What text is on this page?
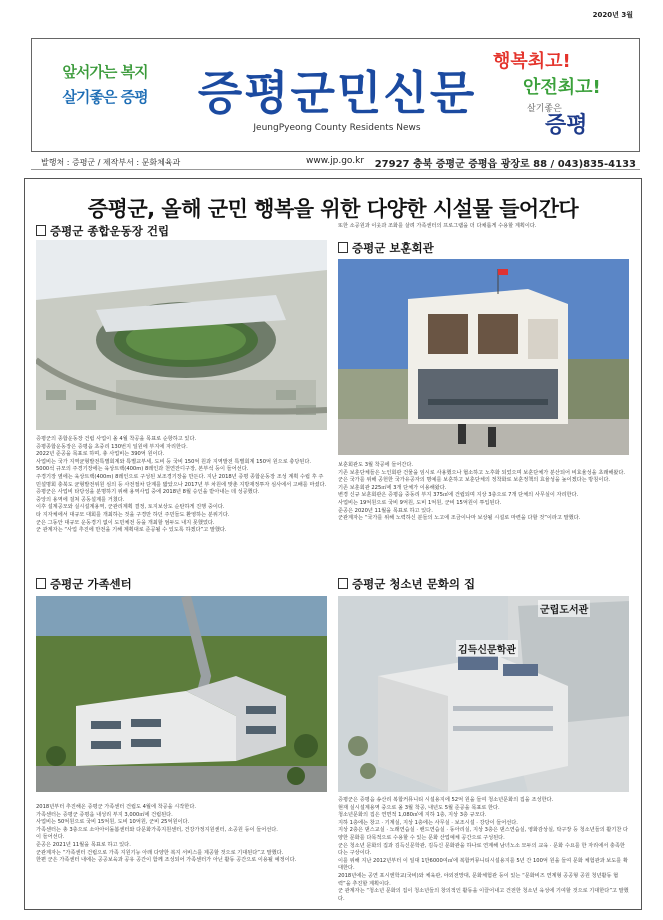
2020년 3월
앞서가는 복지
살기좋은 증평	증평군민신문
JeungPyeong County Residents News
행복최고!
안전최고!
살기좋은
증평
발행처 : 증평군 / 제작부서 : 문화체육과	www.jp.go.kr 27927 충북 증평군 증평읍 광장로 88 / 043)835-4133
증평군, 올해 군민 행복을 위한 다양한 시설물 들어간다
증평군 종합운동장 건립

증평군의 종합운동장 건립 사업이 올 4월 착공을 목표로 순항하고 있다.

증평종합운동장은 증평읍 초중리 130번지 일원에 부지에 자리한다.

2022년 준공을 목표로 하며, 총 사업비는 390억 원이다.

사업비는 국가 지역균형발전특별회계와 특별교부세, 도비 등 국비 150억 원과 지역발전 특별회계 150억 원으로 충당된다.

5000석 규모의 주경기장에는 육상트랙(400m) 8레인과 천연잔디구장, 본부석 등이 들어선다.

주경기장 옆에는 육상트랙(400m) 8레인으로 구성된 보조경기장을 만든다. 지난 2018년 증평 종합운동장 조성 계획 수립 후 주민설명회 충북도 균형발전위원 심의 등 사전절차 단계를 밟았으나 2017년 부 차원에 맞춘 지방재정투자 심사에서 고배를 마셨다.

증평군은 사업비 타당성을 분명하기 위해 용역사업 중에 2018년 8월 승인을 받아내는 데 성공했다.

중앙의 용역에 걸쳐 공동설계를 거쳤다.

이후 설계공모와 실시설계용역, 군관리계획 결정, 토지보상도 순탄하게 진행 중이다.

타 지자체에서 대규모 대회를 개최하는 것을 구경만 하던 주민들도 환영하는 분위기다.

군은 그동안 대규모 운동경기 없이 도민체전 등을 개최할 엄두도 내지 못했었다.

군 관계자는 “사업 추진에 만전을 기해 계획대로 준공될 수 있도록 하겠다”고 말했다.

증평군 가족센터

2018년부터 추진해온 증평군 가족센터 건립도 4월에 착공을 시작한다.

가족센터는 증평군 증평읍 내성리 부지 3,000㎡에 건립된다.

사업비는 50억원으로 국비 15억원, 도비 10억원, 군비 25억원이다.

가족센터는 총 3층으로 소아아이돌봄센터와 다문화가족지원센터, 건강가정지원센터, 소공원 등이 들어선다.

이 들어선다.

준공은 2021년 11월을 목표로 하고 있다.

군관계자는 “가족센터 건립으로 가족 지원기능 아래 다양한 복지 서비스를 제공할 것으로 기대된다”고 말했다.

한편 군은 가족센터 내에는 공공보육과 공유 공간이 함께 조성되어 가족센터가 아닌 활동 공간으로 이용될 예정이다.

또한 소공원과 이웃과 조화를 살려 가족센터의 프로그램을 더 다채롭게 수용할 계획이다.

증평군 보훈회관

보훈회관도 3월 착공에 들어간다.

기존 보훈단체들은 노인회관 건물을 임시로 사용했으나 협소하고 노후화 되었으며 보훈단체가 분산되어 비효율성을 초래해왔다.

군은 국가를 위해 공헌한 국가유공자의 명예를 보훈하고 보훈단체의 정착화로 보훈정책의 효율성을 높이겠다는 방침이다.

기존 보훈회관 225㎡에 3개 단체가 이용해왔다.

변경 신규 보훈회관은 증평읍 중동리 부지 375㎡에 건립되며 지상 3층으로 7개 단체의 사무실이 자리한다.

사업비는 19억원으로 국비 9억원, 도비 1억원, 군비 15억원이 투입된다.

준공은 2020년 11월을 목표로 하고 있다.

군관계자는 “국가를 위해 노력하신 분들의 노고에 조금이나마 보상될 시설로 마련을 다할 것”이라고 말했다.

증평군 청소년 문화의 집
군립도서관
김득신문학관

증평군은 증평읍 송산리 복합커뮤니티 시설용지에 52억 원을 들여 청소년문화의 집을 조성한다.

현재 실시설계용역 중으로 올 3월 착공, 내년도 5월 준공을 목표로 한다.

청소년문화의 집은 연면적 1,080㎡에 지하 1층, 지상 3층 규모다.

지하 1층에는 창고 · 기계실, 지상 1층에는 사무실 · 보조시설 · 강당이 들어선다.

지상 2층은 댄스교실 · 노래연습실 · 밴드연습실 · 동아리실, 지상 3층은 댄스연습실, 영화감상실, 탁구장 등 청소년들의 활기찬 다양한 문화를 다목적으로 수용할 수 있는 문화 산업예체 공간으로 구성된다.

군은 청소년 문화의 집과 김득신문학관, 김득신 문화관을 하나로 연계해 남녀노소 모두의 교육 · 문화 수요를 한 자리에서 충족한다는 구상이다.

이를 위해 지난 2012년부터 이 일대 1만6000여㎡에 복합커뮤니티시설용지를 5년 간 100억 원을 들여 문화 체험관과 보도를 확대한다.

2018년에는 공연 포시엔학교(국비)와 체육관, 야외전망대, 문화체험관 등이 있는 “문화비즈 연계형 공공형 공원 청년활동 협력”을 추진할 계획이다.

군 관계자는 “청소년 문화의 집이 청소년들의 창의적인 활동을 이끌어내고 건전한 청소년 육성에 기여할 것으로 기대한다”고 말했다.
